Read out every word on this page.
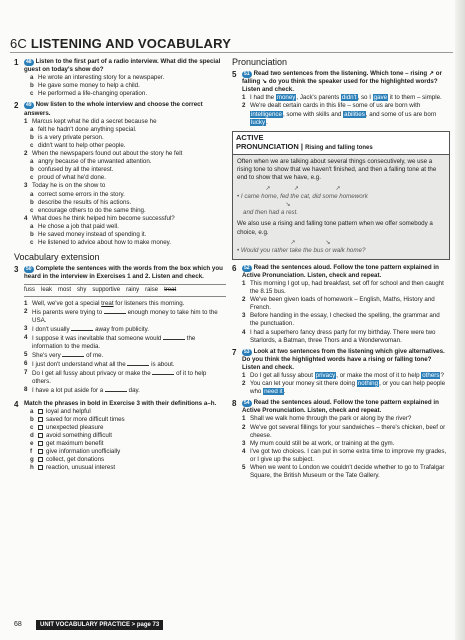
6C LISTENING AND VOCABULARY
1	48 Listen to the first part of a radio interview. What did the special guest on today's show do?
a He wrote an interesting story for a newspaper.
b He gave some money to help a child.
c He performed a life-changing operation.
2	49 Now listen to the whole interview and choose the correct answers.
1 Marcus kept what he did a secret because he
a felt he hadn't done anything special.
b is a very private person.
c didn't want to help other people.
2 When the newspapers found out about the story he felt
a angry because of the unwanted attention.
b confused by all the interest.
c proud of what he'd done.
3 Today he is on the show to
a correct some errors in the story.
b describe the results of his actions.
c encourage others to do the same thing.
4 What does he think helped him become successful?
a He chose a job that paid well.
b He saved money instead of spending it.
c He listened to advice about how to make money.
Vocabulary extension
3	50 Complete the sentences with the words from the box which you heard in the interview in Exercises 1 and 2. Listen and check.
fuss leak most shy supportive rainy raise treat
1 Well, we've got a special treat for listeners this morning.
2 His parents were trying to	enough money to take him to the USA.
3 I don't usually	away from publicity.
4 I suppose it was inevitable that someone would	the information to the media.
5 She's very	of me.
6 I just don't understand what all the	is about.
7 Do I get all fussy about privacy or make the	of it to help others.
8 I have a lot put aside for a	day.
4 Match the phrases in bold in Exercise 3 with their definitions a–h.
a	loyal and helpful
b	saved for more difficult times
c	unexpected pleasure
d	avoid something difficult
e	get maximum benefit
f	give information unofficially
g	collect, get donations
h	reaction, unusual interest
Pronunciation
5	51 Read two sentences from the listening. Which tone – rising ↗ or falling ↘ do you think the speaker used for the highlighted words? Listen and check.
1 I had the money, Jack's parents didn't, so I gave it to them – simple.
2 We're dealt certain cards in this life – some of us are born with intelligence, some with skills and abilities, and some of us are born lucky.
ACTIVE
PRONUNCIATION | Rising and falling tones
Often when we are talking about several things consecutively, we use a rising tone to show that we haven't finished, and then a falling tone at the end to show that we have, e.g.
↗              ↗                      ↗
• I came home, fed the cat, did some homework
↘
and then had a rest.
We also use a rising and falling tone pattern when we offer somebody a choice, e.g.
↗                  ↘
• Would you rather take the bus or walk home?
6	52 Read the sentences aloud. Follow the tone pattern explained in Active Pronunciation. Listen, check and repeat.
1 This morning I got up, had breakfast, set off for school and then caught the 8.15 bus.
2 We've been given loads of homework – English, Maths, History and French.
3 Before handing in the essay, I checked the spelling, the grammar and the punctuation.
4 I had a superhero fancy dress party for my birthday. There were two Starlords, a Batman, three Thors and a Wonderwoman.
7	53 Look at two sentences from the listening which give alternatives. Do you think the highlighted words have a rising or falling tone? Listen and check.
1 Do I get all fussy about privacy, or make the most of it to help others?
2 You can let your money sit there doing nothing, or you can help people who need it.
8	54 Read the sentences aloud. Follow the tone pattern explained in Active Pronunciation. Listen, check and repeat.
1 Shall we walk home through the park or along by the river?
2 We've got several fillings for your sandwiches – there's chicken, beef or cheese.
3 My mum could still be at work, or training at the gym.
4 I've got two choices. I can put in some extra time to improve my grades, or I give up the subject.
5 When we went to London we couldn't decide whether to go to Trafalgar Square, the British Museum or the Tate Gallery.
68	UNIT VOCABULARY PRACTICE > page 73
